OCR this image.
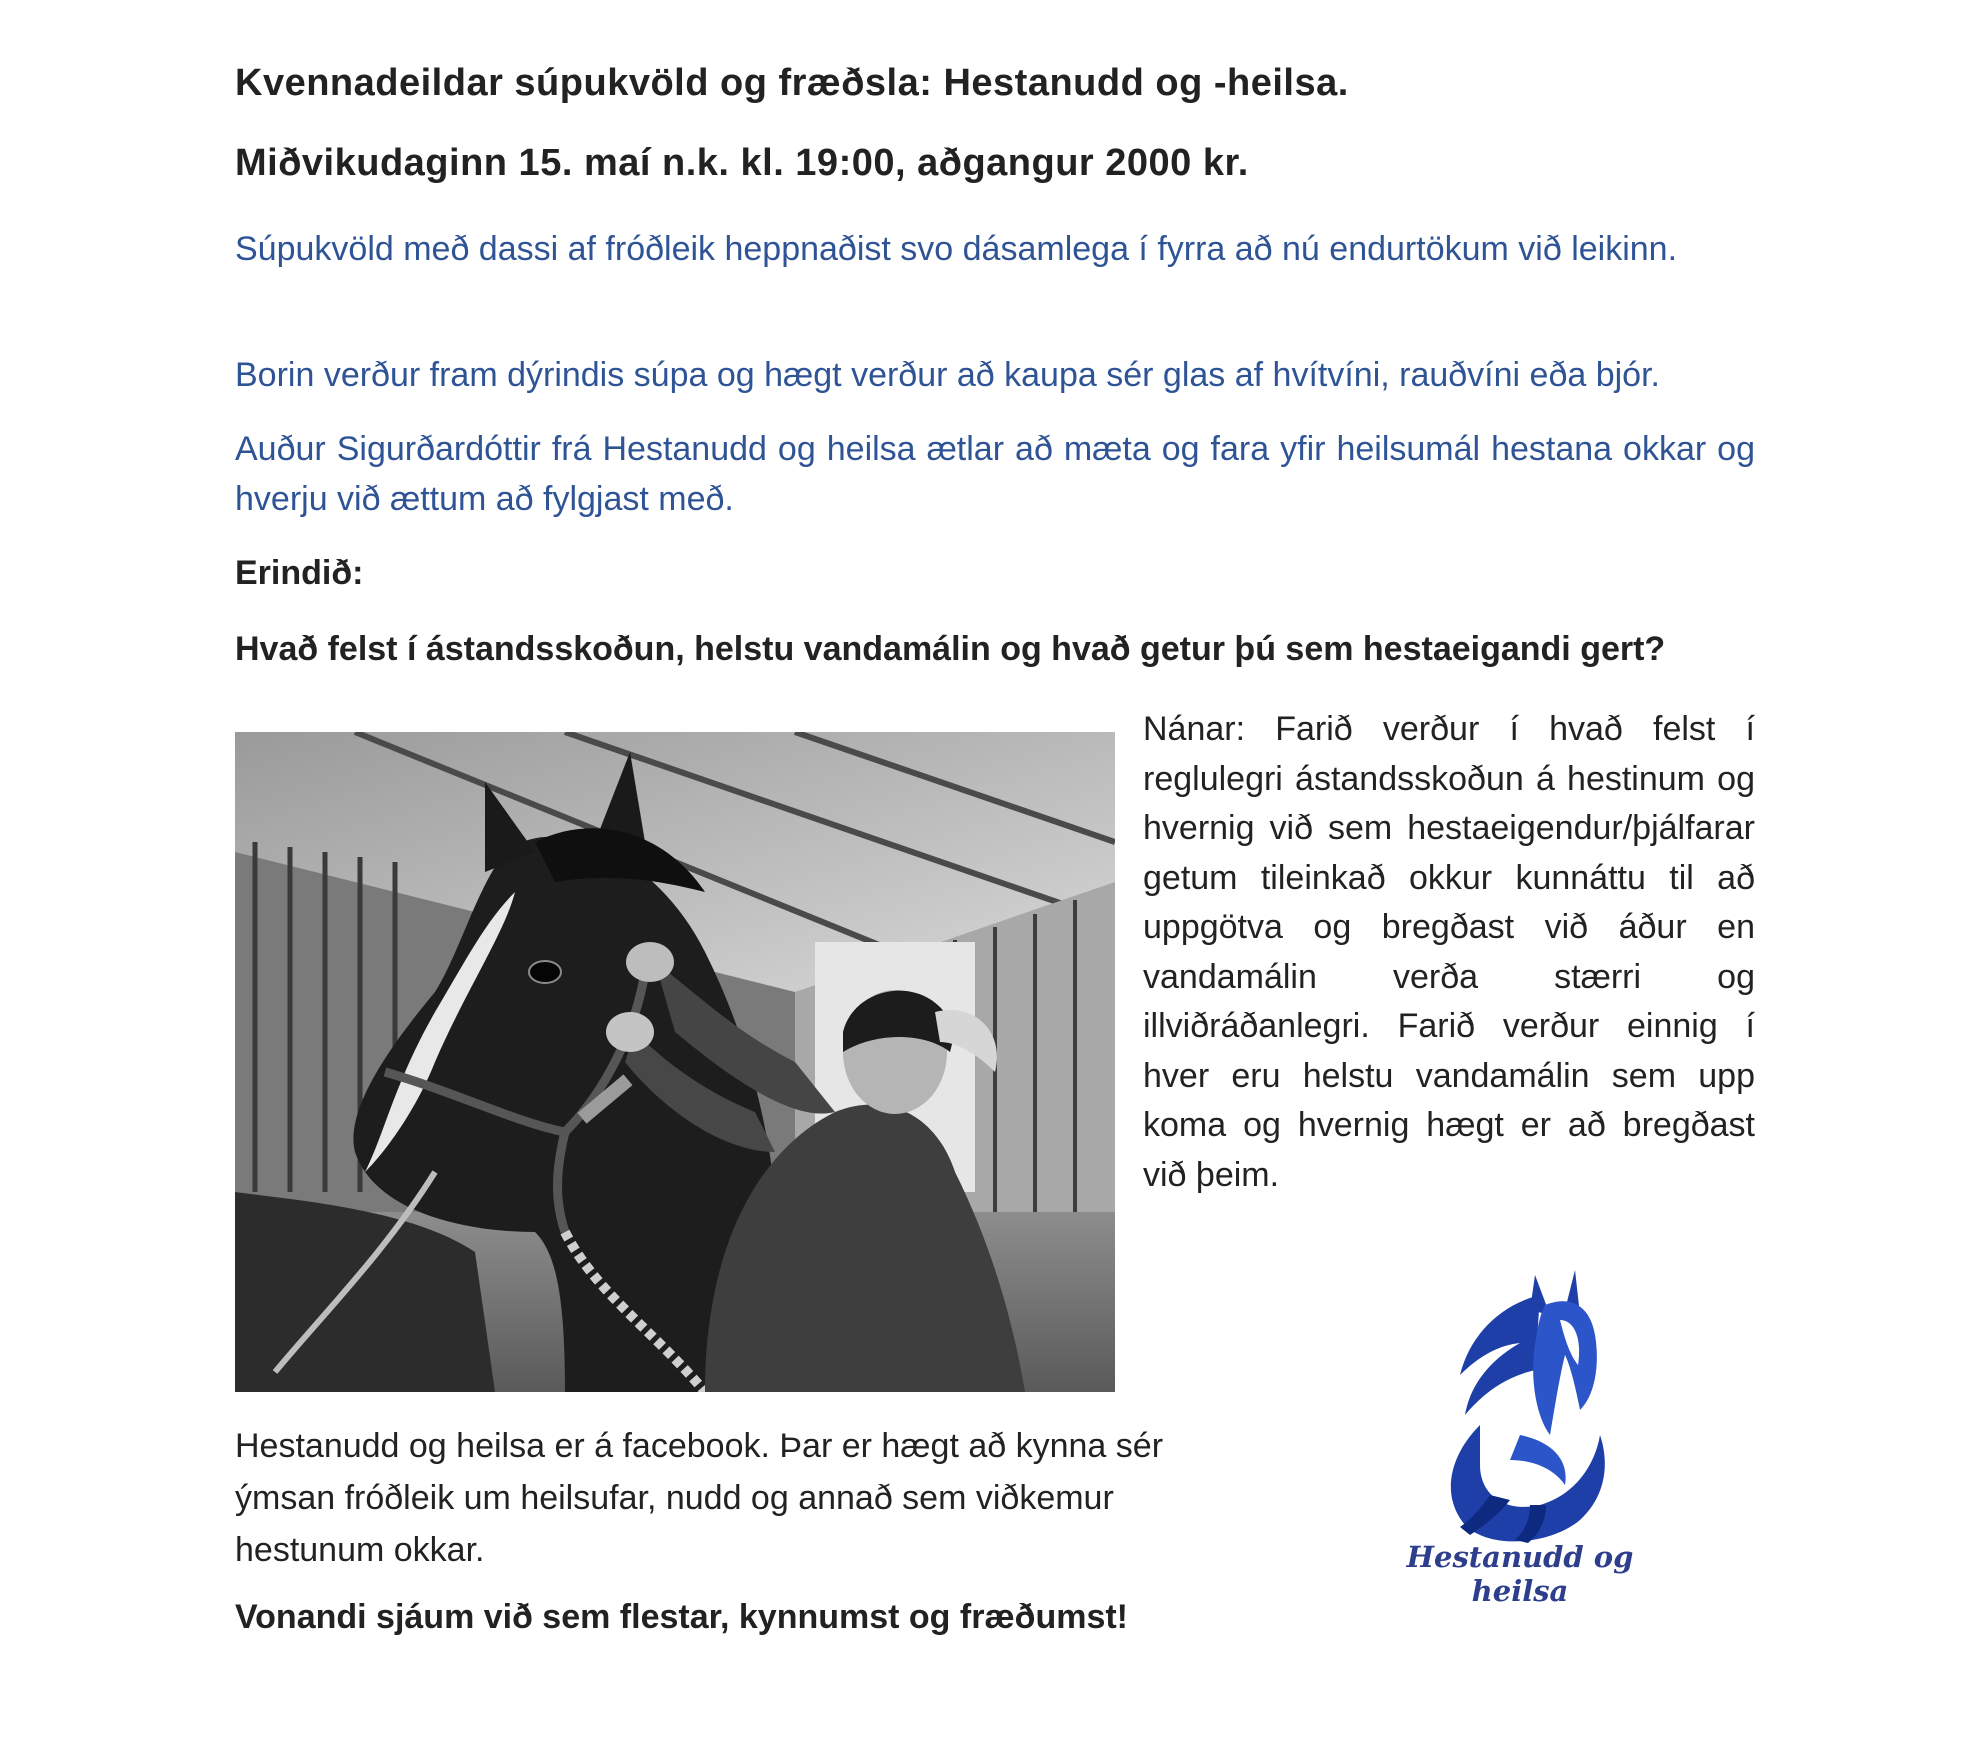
Kvennadeildar súpukvöld og fræðsla: Hestanudd og -heilsa.
Miðvikudaginn 15. maí n.k. kl. 19:00, aðgangur 2000 kr.

Súpukvöld með dassi af fróðleik heppnaðist svo dásamlega í fyrra að nú endurtökum við leikinn.

Borin verður fram dýrindis súpa og hægt verður að kaupa sér glas af hvítvíni, rauðvíni eða bjór.

Auður Sigurðardóttir frá Hestanudd og heilsa ætlar að mæta og fara yfir heilsumál hestana okkar og hverju við ættum að fylgjast með.

Erindið:

Hvað felst í ástandsskoðun, helstu vandamálin og hvað getur þú sem hestaeigandi gert?

Nánar: Farið verður í hvað felst í reglulegri ástandsskoðun á hestinum og hvernig við sem hestaeigendur/þjálfarar getum tileinkað okkur kunnáttu til að uppgötva og bregðast við áður en vandamálin verða stærri og illviðráðanlegri. Farið verður einnig í hver eru helstu vandamálin sem upp koma og hvernig hægt er að bregðast við þeim.

Hestanudd og heilsa er á facebook. Þar er hægt að kynna sér ýmsan fróðleik um heilsufar, nudd og annað sem viðkemur hestunum okkar.

Vonandi sjáum við sem flestar, kynnumst og fræðumst!

Hestanudd og heilsa
